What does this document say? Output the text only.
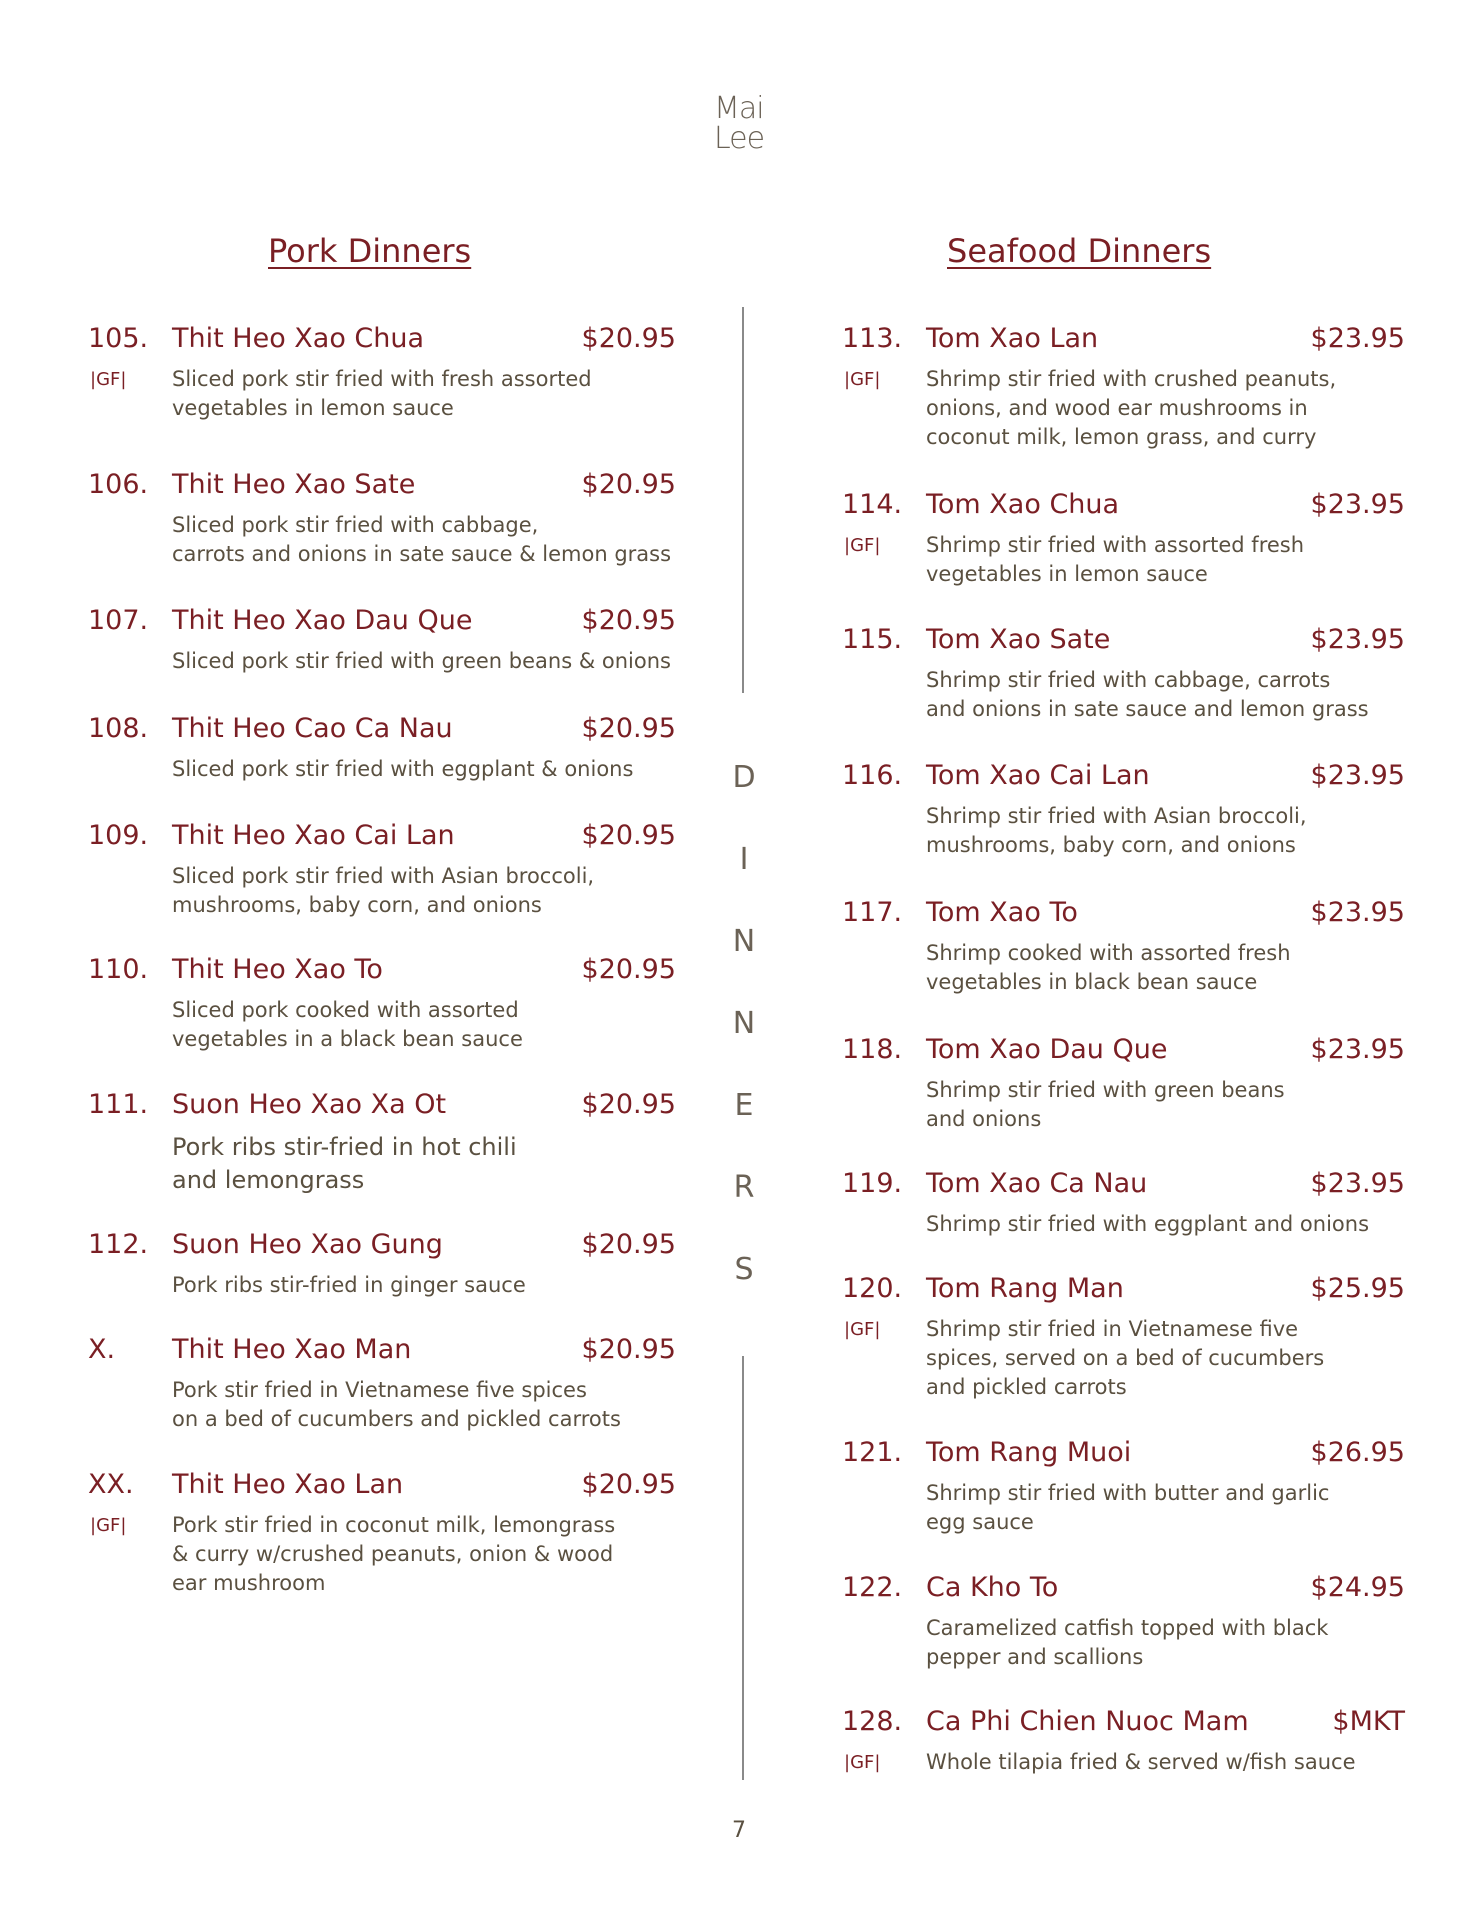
Mai
Lee
Pork Dinners	Seafood Dinners
105. Thit Heo Xao Chua	$20.95
|GF| Sliced pork stir fried with fresh assorted
vegetables in lemon sauce
106. Thit Heo Xao Sate	$20.95
Sliced pork stir fried with cabbage,
carrots and onions in sate sauce & lemon grass
107. Thit Heo Xao Dau Que	$20.95
Sliced pork stir fried with green beans & onions
108. Thit Heo Cao Ca Nau	$20.95
Sliced pork stir fried with eggplant & onions
109. Thit Heo Xao Cai Lan	$20.95
Sliced pork stir fried with Asian broccoli,
mushrooms, baby corn, and onions
110. Thit Heo Xao To	$20.95
Sliced pork cooked with assorted
vegetables in a black bean sauce
111. Suon Heo Xao Xa Ot	$20.95
Pork ribs stir-fried in hot chili
and lemongrass
112. Suon Heo Xao Gung	$20.95
Pork ribs stir-fried in ginger sauce
X. Thit Heo Xao Man	$20.95
Pork stir fried in Vietnamese five spices
on a bed of cucumbers and pickled carrots
XX. Thit Heo Xao Lan	$20.95
|GF| Pork stir fried in coconut milk, lemongrass
& curry w/crushed peanuts, onion & wood
ear mushroom
113. Tom Xao Lan	$23.95
|GF| Shrimp stir fried with crushed peanuts,
onions, and wood ear mushrooms in
coconut milk, lemon grass, and curry
114. Tom Xao Chua	$23.95
|GF| Shrimp stir fried with assorted fresh
vegetables in lemon sauce
115. Tom Xao Sate	$23.95
Shrimp stir fried with cabbage, carrots
and onions in sate sauce and lemon grass
116. Tom Xao Cai Lan	$23.95
Shrimp stir fried with Asian broccoli,
mushrooms, baby corn, and onions
117. Tom Xao To	$23.95
Shrimp cooked with assorted fresh
vegetables in black bean sauce
118. Tom Xao Dau Que	$23.95
Shrimp stir fried with green beans
and onions
119. Tom Xao Ca Nau	$23.95
Shrimp stir fried with eggplant and onions
120. Tom Rang Man	$25.95
|GF| Shrimp stir fried in Vietnamese five
spices, served on a bed of cucumbers
and pickled carrots
121. Tom Rang Muoi	$26.95
Shrimp stir fried with butter and garlic
egg sauce
122. Ca Kho To	$24.95
Caramelized catfish topped with black
pepper and scallions
128. Ca Phi Chien Nuoc Mam	$MKT
|GF| Whole tilapia fried & served w/fish sauce
D
I
N
N
E
R
S
7
